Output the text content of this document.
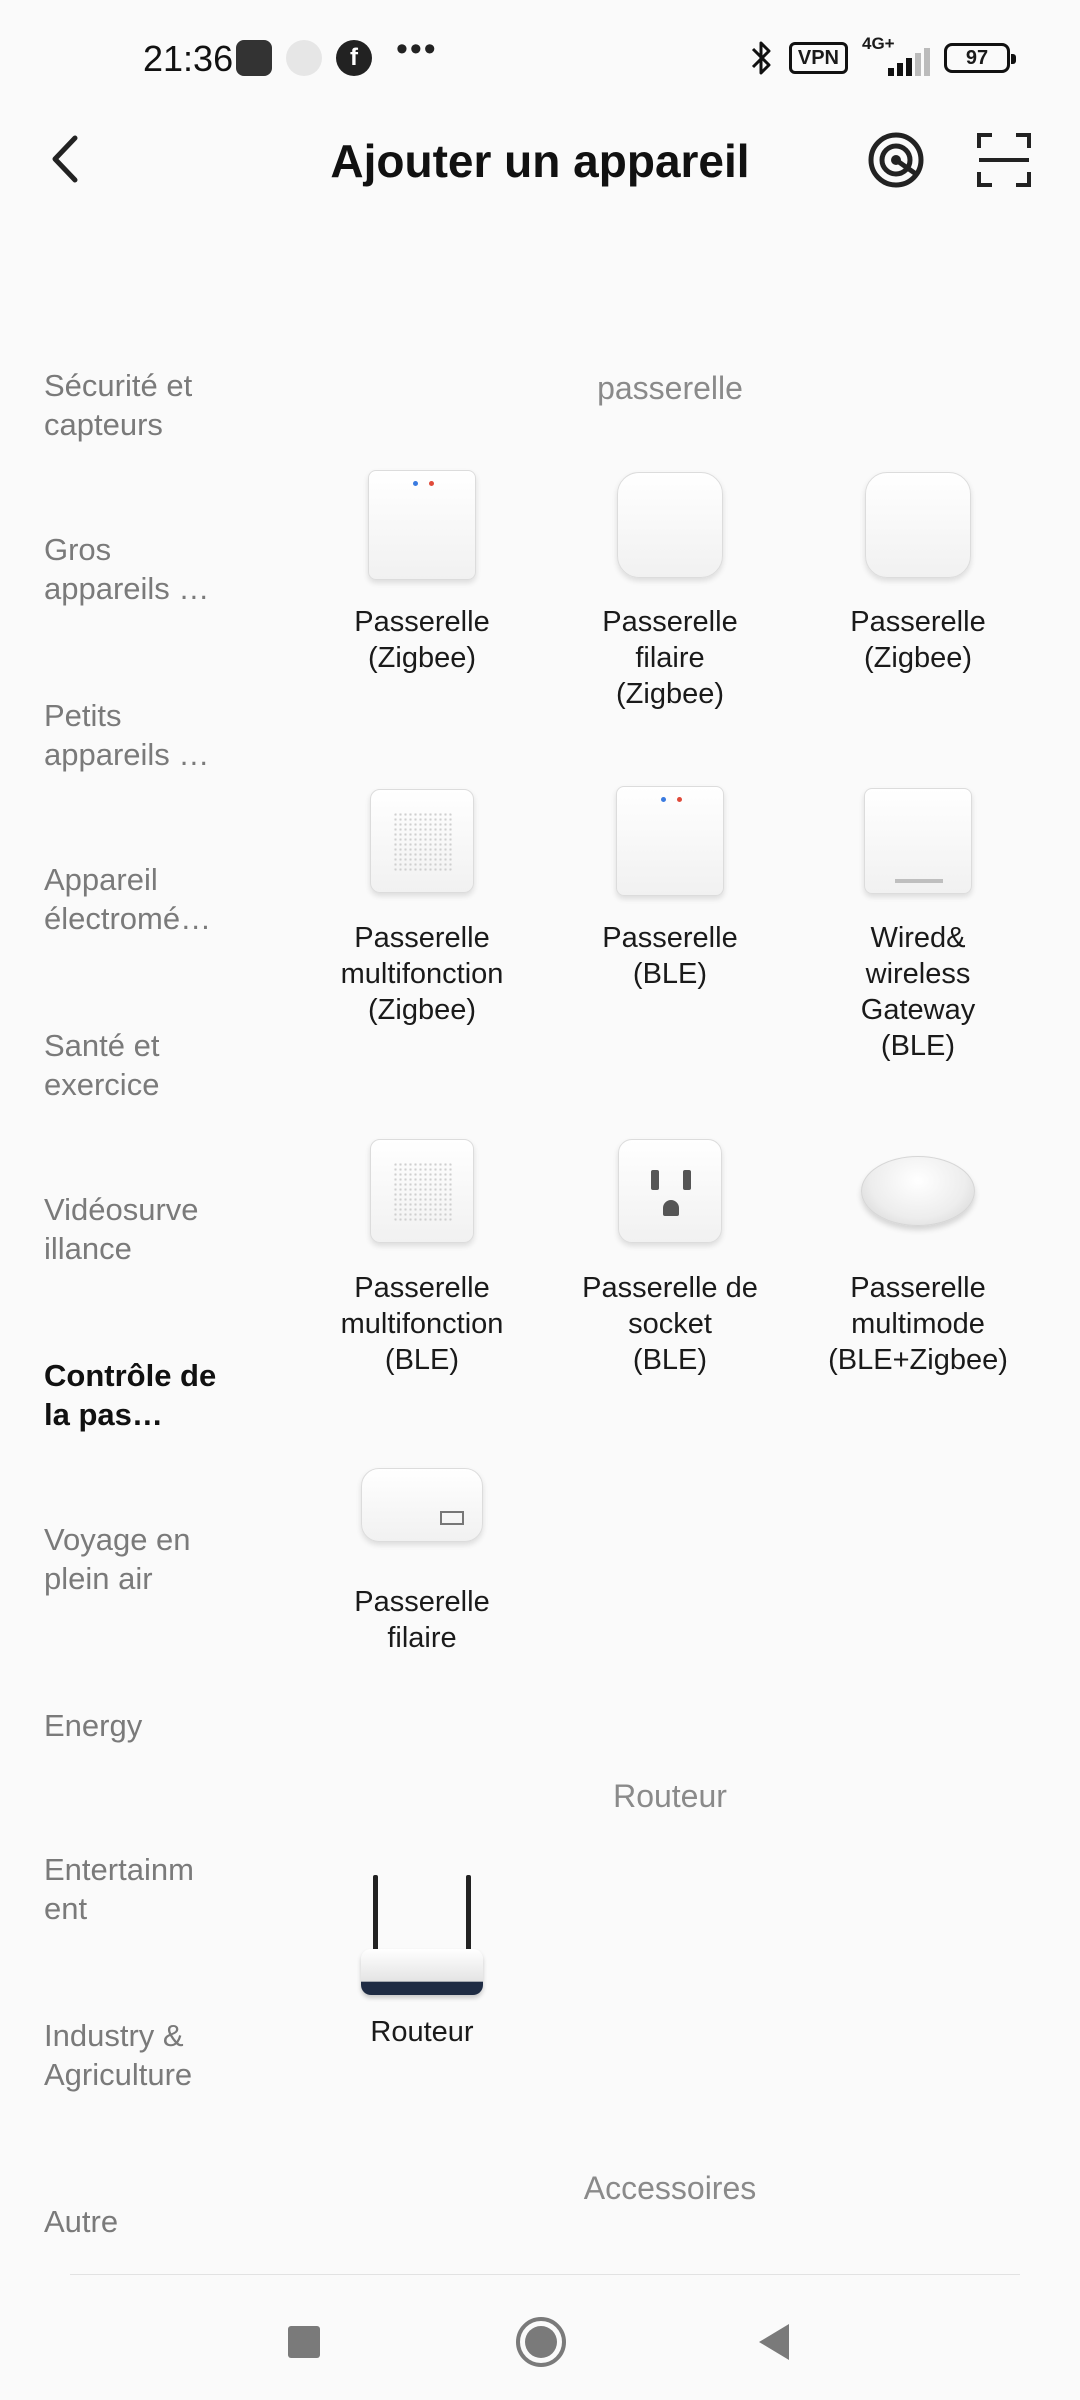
21:36	f	•••	VPN
4G+
97
Ajouter un appareil
Sécurité et capteurs
Gros appareils …
Petits appareils …
Appareil électromé…
Santé et exercice
Vidéosurve illance
Contrôle de la pas…
Voyage en plein air
Energy
Entertainm ent
Industry & Agriculture
Autre
passerelle
Passerelle
(Zigbee)
Passerelle
filaire
(Zigbee)
Passerelle
(Zigbee)
Passerelle
multifonction
(Zigbee)
Passerelle
(BLE)
Wired&
wireless
Gateway
(BLE)
Passerelle
multifonction
(BLE)
Passerelle de
socket
(BLE)
Passerelle
multimode
(BLE+Zigbee)
Passerelle
filaire
Routeur
Routeur
Accessoires
